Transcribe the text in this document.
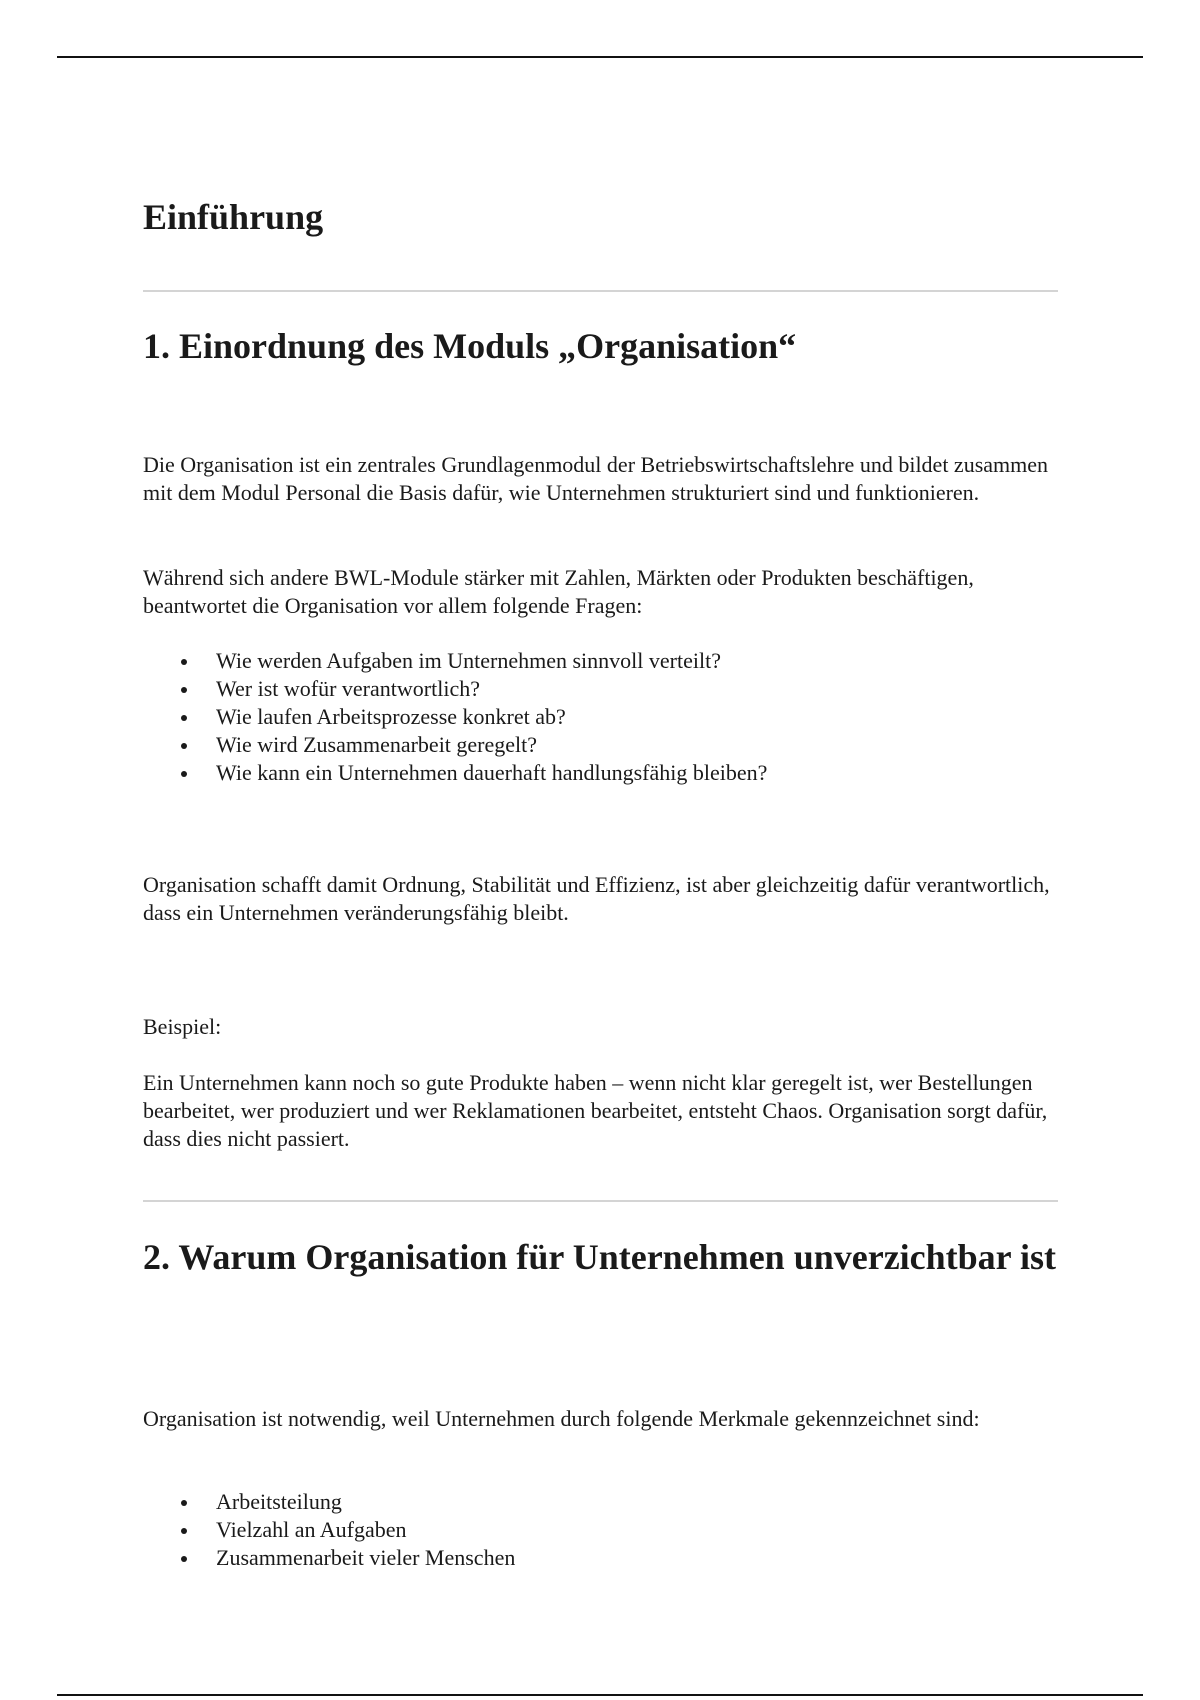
Einführung
1. Einordnung des Moduls „Organisation“

Die Organisation ist ein zentrales Grundlagenmodul der Betriebswirtschaftslehre und bildet zusammen mit dem Modul Personal die Basis dafür, wie Unternehmen strukturiert sind und funktionieren.

Während sich andere BWL-Module stärker mit Zahlen, Märkten oder Produkten beschäftigen, beantwortet die Organisation vor allem folgende Fragen:

Wie werden Aufgaben im Unternehmen sinnvoll verteilt?
Wer ist wofür verantwortlich?
Wie laufen Arbeitsprozesse konkret ab?
Wie wird Zusammenarbeit geregelt?
Wie kann ein Unternehmen dauerhaft handlungsfähig bleiben?

Organisation schafft damit Ordnung, Stabilität und Effizienz, ist aber gleichzeitig dafür verantwortlich, dass ein Unternehmen veränderungsfähig bleibt.

Beispiel:

Ein Unternehmen kann noch so gute Produkte haben – wenn nicht klar geregelt ist, wer Bestellungen bearbeitet, wer produziert und wer Reklamationen bearbeitet, entsteht Chaos. Organisation sorgt dafür, dass dies nicht passiert.

2. Warum Organisation für Unternehmen unverzichtbar ist

Organisation ist notwendig, weil Unternehmen durch folgende Merkmale gekennzeichnet sind:

Arbeitsteilung
Vielzahl an Aufgaben
Zusammenarbeit vieler Menschen
